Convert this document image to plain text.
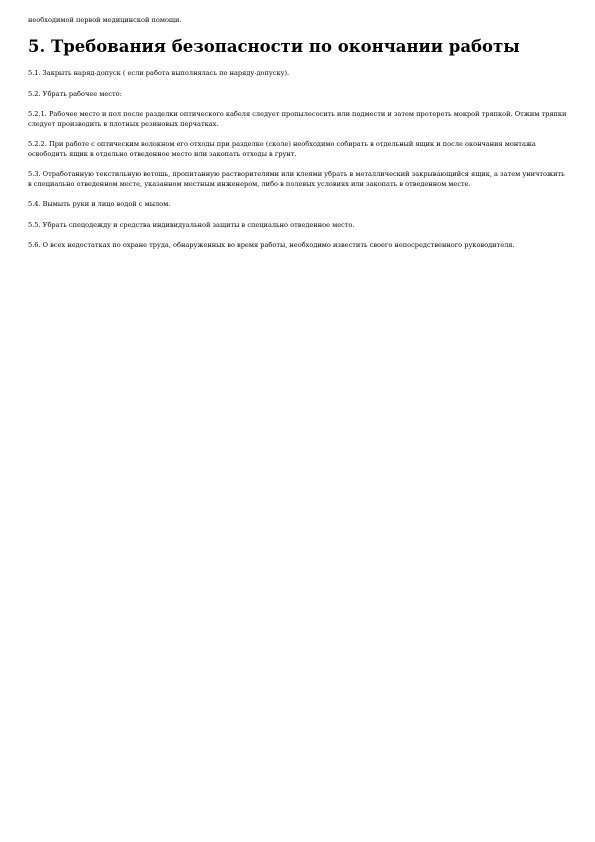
необходимой первой медицинской помощи.

5. Требования безопасности по окончании работы

5.1. Закрыть наряд-допуск ( если работа выполнялась по наряду-допуску).

5.2. Убрать рабочее место:

5.2.1. Рабочее место и пол после разделки оптического кабеля следует пропылесосить или подмести и затем протереть мокрой тряпкой. Отжим тряпки следует производить в плотных резиновых перчатках.

5.2.2. При работе с оптическим волокном его отходы при разделке (сколе) необходимо собирать в отдельный ящик и после окончания монтажа освободить ящик в отдельно отведенное место или закопать отходы в грунт.

5.3. Отработанную текстильную ветошь, пропитанную растворителями или клеями убрать в металлический закрывающийся ящик, а затем уничтожить в специально отведенном месте, указанном местным инженером, либо в полевых условиях или закопать в отведенном месте.

5.4. Вымыть руки и лицо водой с мылом.

5.5. Убрать спецодежду и средства индивидуальной защиты в специально отведенное место.

5.6. О всех недостатках по охране труда, обнаруженных во время работы, необходимо известить своего непосредственного руководителя.
